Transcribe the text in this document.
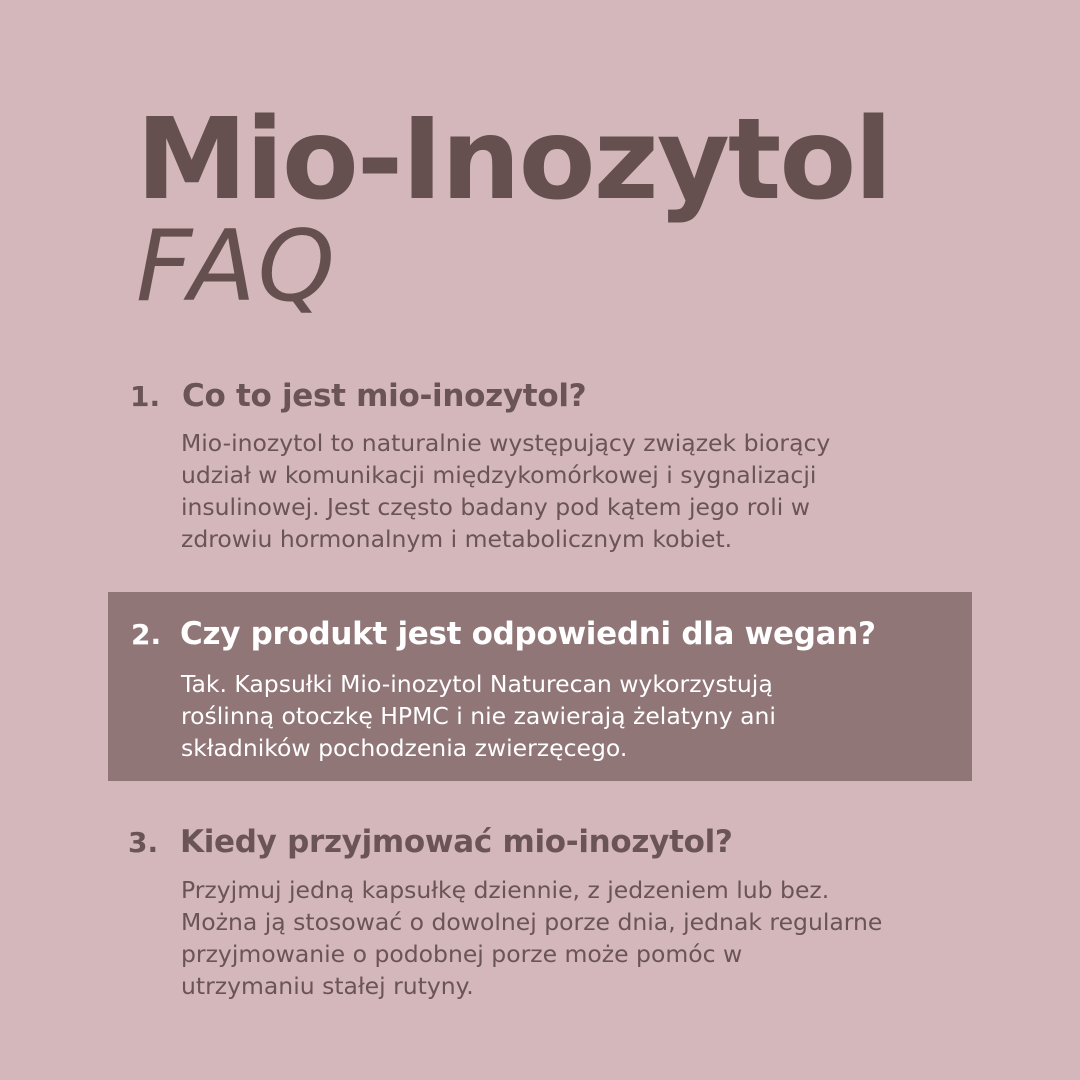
Mio-Inozytol
FAQ
1. Co to jest mio-inozytol?

Mio-inozytol to naturalnie występujący związek biorący
udział w komunikacji międzykomórkowej i sygnalizacji
insulinowej. Jest często badany pod kątem jego roli w
zdrowiu hormonalnym i metabolicznym kobiet.

2. Czy produkt jest odpowiedni dla wegan?

Tak. Kapsułki Mio-inozytol Naturecan wykorzystują
roślinną otoczkę HPMC i nie zawierają żelatyny ani
składników pochodzenia zwierzęcego.

3. Kiedy przyjmować mio-inozytol?

Przyjmuj jedną kapsułkę dziennie, z jedzeniem lub bez.
Można ją stosować o dowolnej porze dnia, jednak regularne
przyjmowanie o podobnej porze może pomóc w
utrzymaniu stałej rutyny.
